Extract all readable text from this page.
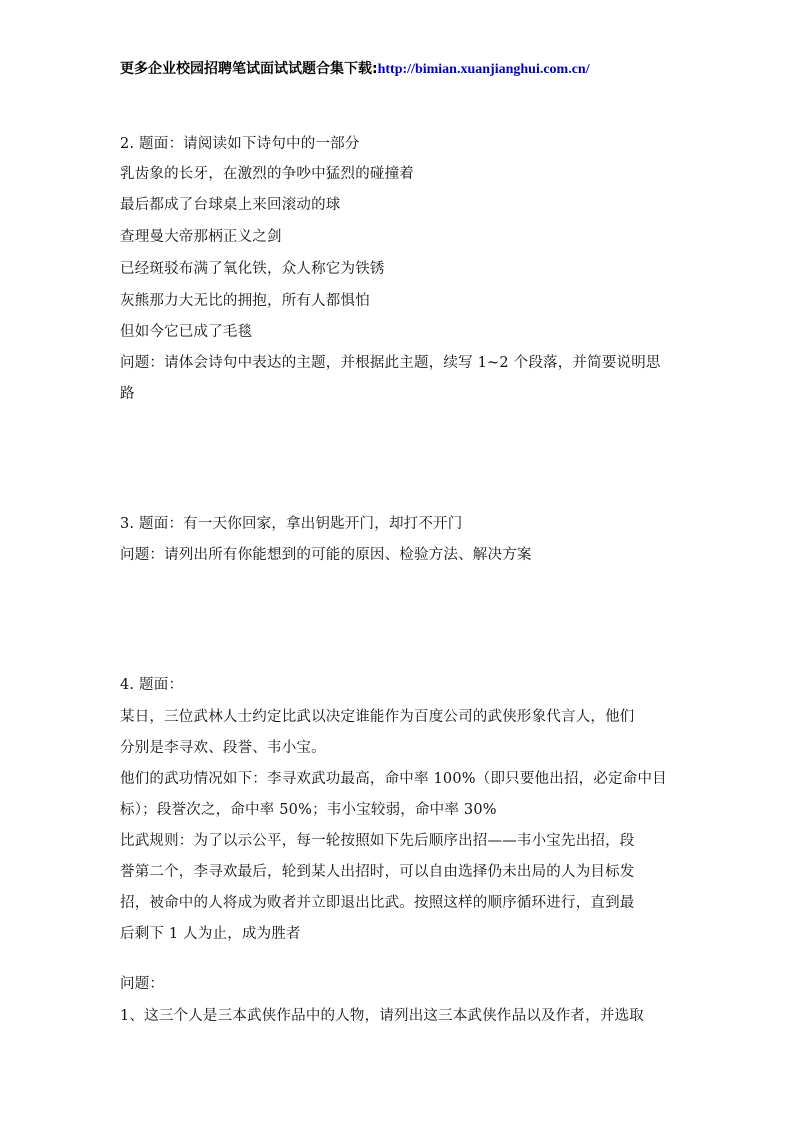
更多企业校园招聘笔试面试试题合集下载:http://bimian.xuanjianghui.com.cn/
2. 题面：请阅读如下诗句中的一部分
乳齿象的长牙，在激烈的争吵中猛烈的碰撞着
最后都成了台球桌上来回滚动的球
查理曼大帝那柄正义之剑
已经斑驳布满了氧化铁，众人称它为铁锈
灰熊那力大无比的拥抱，所有人都惧怕
但如今它已成了毛毯
问题：请体会诗句中表达的主题，并根据此主题，续写 1~2 个段落，并简要说明思
路
3. 题面：有一天你回家，拿出钥匙开门，却打不开门
问题：请列出所有你能想到的可能的原因、检验方法、解决方案
4. 题面：
某日，三位武林人士约定比武以决定谁能作为百度公司的武侠形象代言人，他们
分别是李寻欢、段誉、韦小宝。
他们的武功情况如下：李寻欢武功最高，命中率 100%（即只要他出招，必定命中目
标）；段誉次之，命中率 50%；韦小宝较弱，命中率 30%
比武规则：为了以示公平，每一轮按照如下先后顺序出招——韦小宝先出招，段
誉第二个，李寻欢最后，轮到某人出招时，可以自由选择仍未出局的人为目标发
招，被命中的人将成为败者并立即退出比武。按照这样的顺序循环进行，直到最
后剩下 1 人为止，成为胜者
问题：
1、这三个人是三本武侠作品中的人物，请列出这三本武侠作品以及作者，并选取
